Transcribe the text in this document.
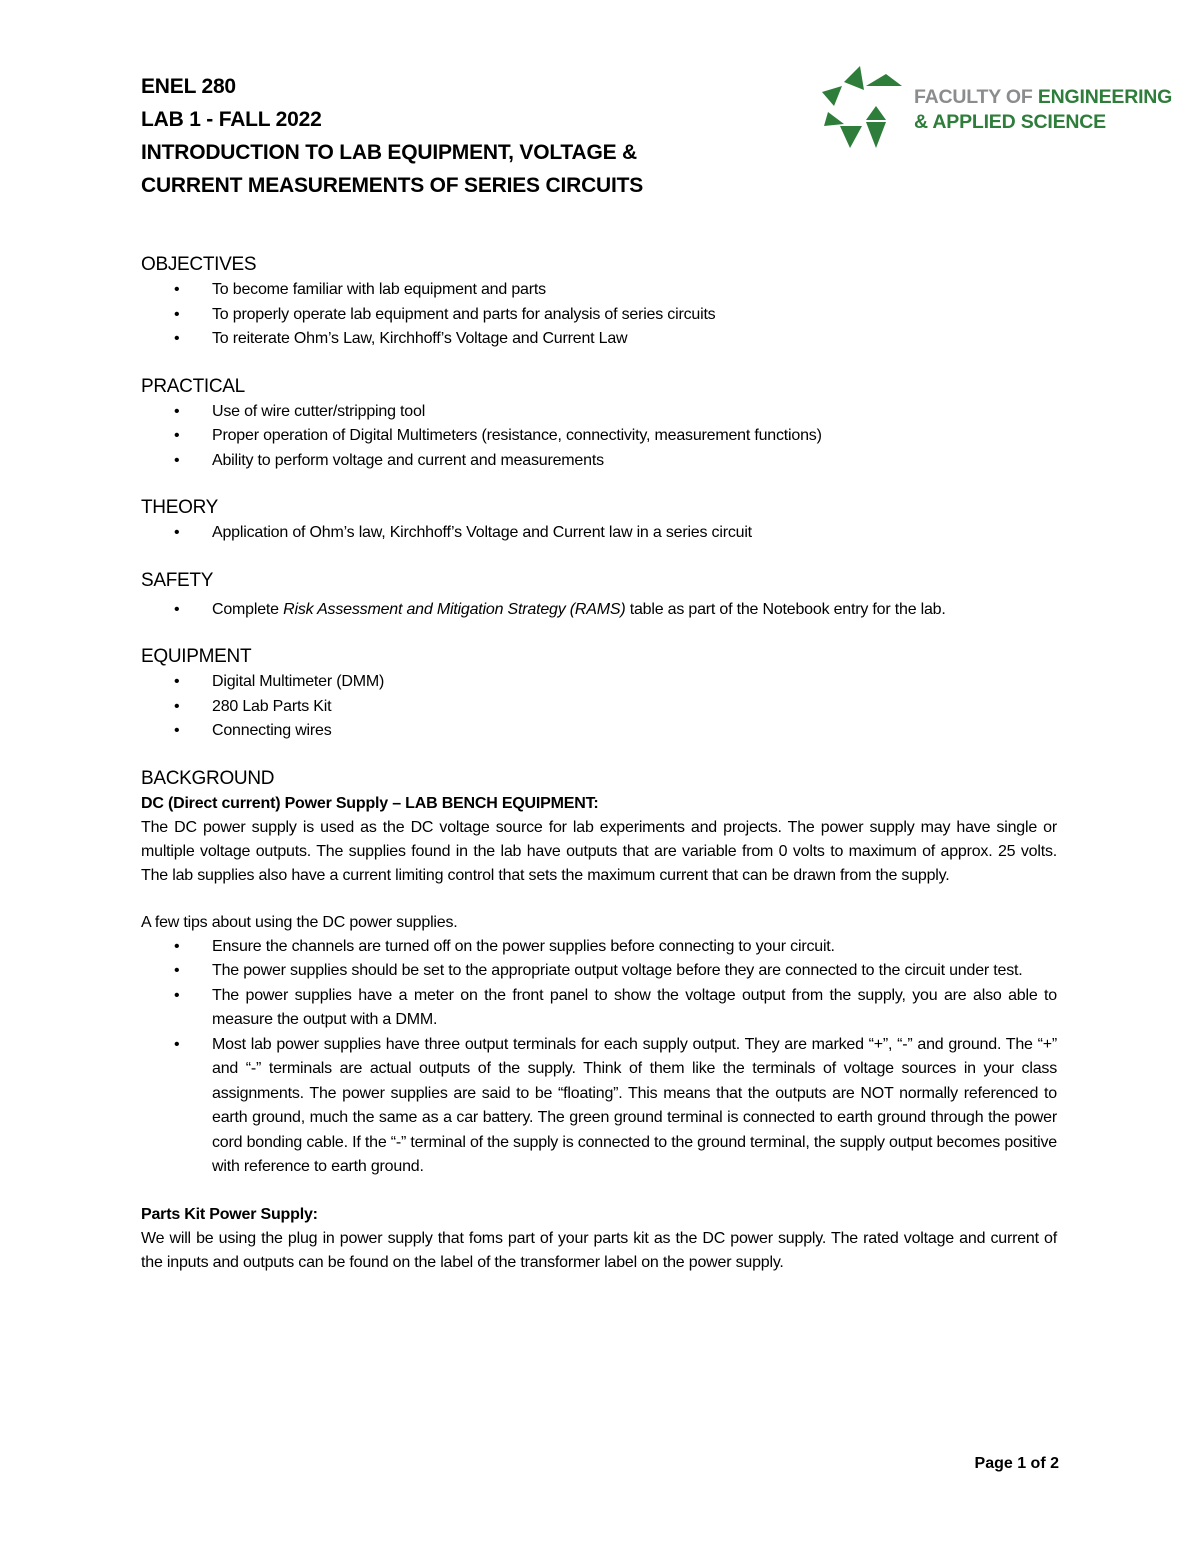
ENEL 280

LAB 1 - FALL 2022

INTRODUCTION TO LAB EQUIPMENT, VOLTAGE &

CURRENT MEASUREMENTS OF SERIES CIRCUITS

FACULTY OF ENGINEERING
& APPLIED SCIENCE
OBJECTIVES
• To become familiar with lab equipment and parts
• To properly operate lab equipment and parts for analysis of series circuits
• To reiterate Ohm’s Law, Kirchhoff’s Voltage and Current Law
PRACTICAL
• Use of wire cutter/stripping tool
• Proper operation of Digital Multimeters (resistance, connectivity, measurement functions)
• Ability to perform voltage and current and measurements
THEORY
• Application of Ohm’s law, Kirchhoff’s Voltage and Current law in a series circuit
SAFETY
• Complete Risk Assessment and Mitigation Strategy (RAMS) table as part of the Notebook entry for the lab.
EQUIPMENT
• Digital Multimeter (DMM)
• 280 Lab Parts Kit
• Connecting wires
BACKGROUND

DC (Direct current) Power Supply – LAB BENCH EQUIPMENT:

The DC power supply is used as the DC voltage source for lab experiments and projects. The power supply may have single or multiple voltage outputs. The supplies found in the lab have outputs that are variable from 0 volts to maximum of approx. 25 volts. The lab supplies also have a current limiting control that sets the maximum current that can be drawn from the supply.

A few tips about using the DC power supplies.

• Ensure the channels are turned off on the power supplies before connecting to your circuit.
• The power supplies should be set to the appropriate output voltage before they are connected to the circuit under test.
• The power supplies have a meter on the front panel to show the voltage output from the supply, you are also able to measure the output with a DMM.
• Most lab power supplies have three output terminals for each supply output. They are marked “+”, “-” and ground. The “+” and “-” terminals are actual outputs of the supply. Think of them like the terminals of voltage sources in your class assignments. The power supplies are said to be “floating”. This means that the outputs are NOT normally referenced to earth ground, much the same as a car battery. The green ground terminal is connected to earth ground through the power cord bonding cable. If the “-” terminal of the supply is connected to the ground terminal, the supply output becomes positive with reference to earth ground.

Parts Kit Power Supply:

We will be using the plug in power supply that foms part of your parts kit as the DC power supply. The rated voltage and current of the inputs and outputs can be found on the label of the transformer label on the power supply.

Page 1 of 2
